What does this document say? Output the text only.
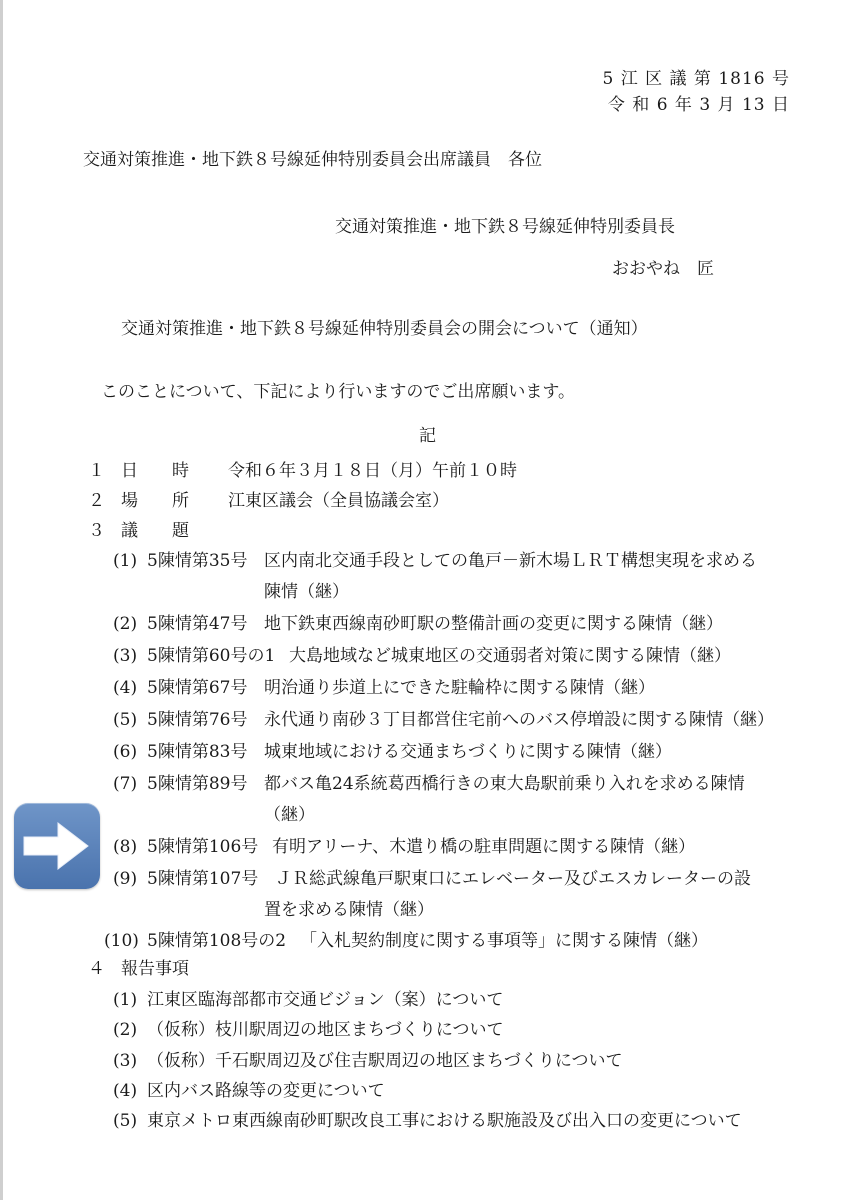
5 江 区 議 第 1816 号
令 和 6 年 3 月 13 日
交通対策推進・地下鉄８号線延伸特別委員会出席議員　各位
交通対策推進・地下鉄８号線延伸特別委員長
おおやね　匠
交通対策推進・地下鉄８号線延伸特別委員会の開会について（通知）
このことについて、下記により行いますのでご出席願います。
記
１ 日　　時 令和６年３月１８日（月）午前１０時
２ 場　　所 江東区議会（全員協議会室）
３ 議　　題
(1) 5陳情第35号 区内南北交通手段としての亀戸－新木場ＬＲＴ構想実現を求める
陳情（継）
(2) 5陳情第47号 地下鉄東西線南砂町駅の整備計画の変更に関する陳情（継）
(3) 5陳情第60号の1 大島地域など城東地区の交通弱者対策に関する陳情（継）
(4) 5陳情第67号 明治通り歩道上にできた駐輪枠に関する陳情（継）
(5) 5陳情第76号 永代通り南砂３丁目都営住宅前へのバス停増設に関する陳情（継）
(6) 5陳情第83号 城東地域における交通まちづくりに関する陳情（継）
(7) 5陳情第89号 都バス亀24系統葛西橋行きの東大島駅前乗り入れを求める陳情
（継）
(8) 5陳情第106号 有明アリーナ、木遣り橋の駐車問題に関する陳情（継）
(9) 5陳情第107号 ＪＲ総武線亀戸駅東口にエレベーター及びエスカレーターの設
置を求める陳情（継）
(10) 5陳情第108号の2 「入札契約制度に関する事項等」に関する陳情（継）
４ 報告事項
(1) 江東区臨海部都市交通ビジョン（案）について
(2) （仮称）枝川駅周辺の地区まちづくりについて
(3) （仮称）千石駅周辺及び住吉駅周辺の地区まちづくりについて
(4) 区内バス路線等の変更について
(5) 東京メトロ東西線南砂町駅改良工事における駅施設及び出入口の変更について
